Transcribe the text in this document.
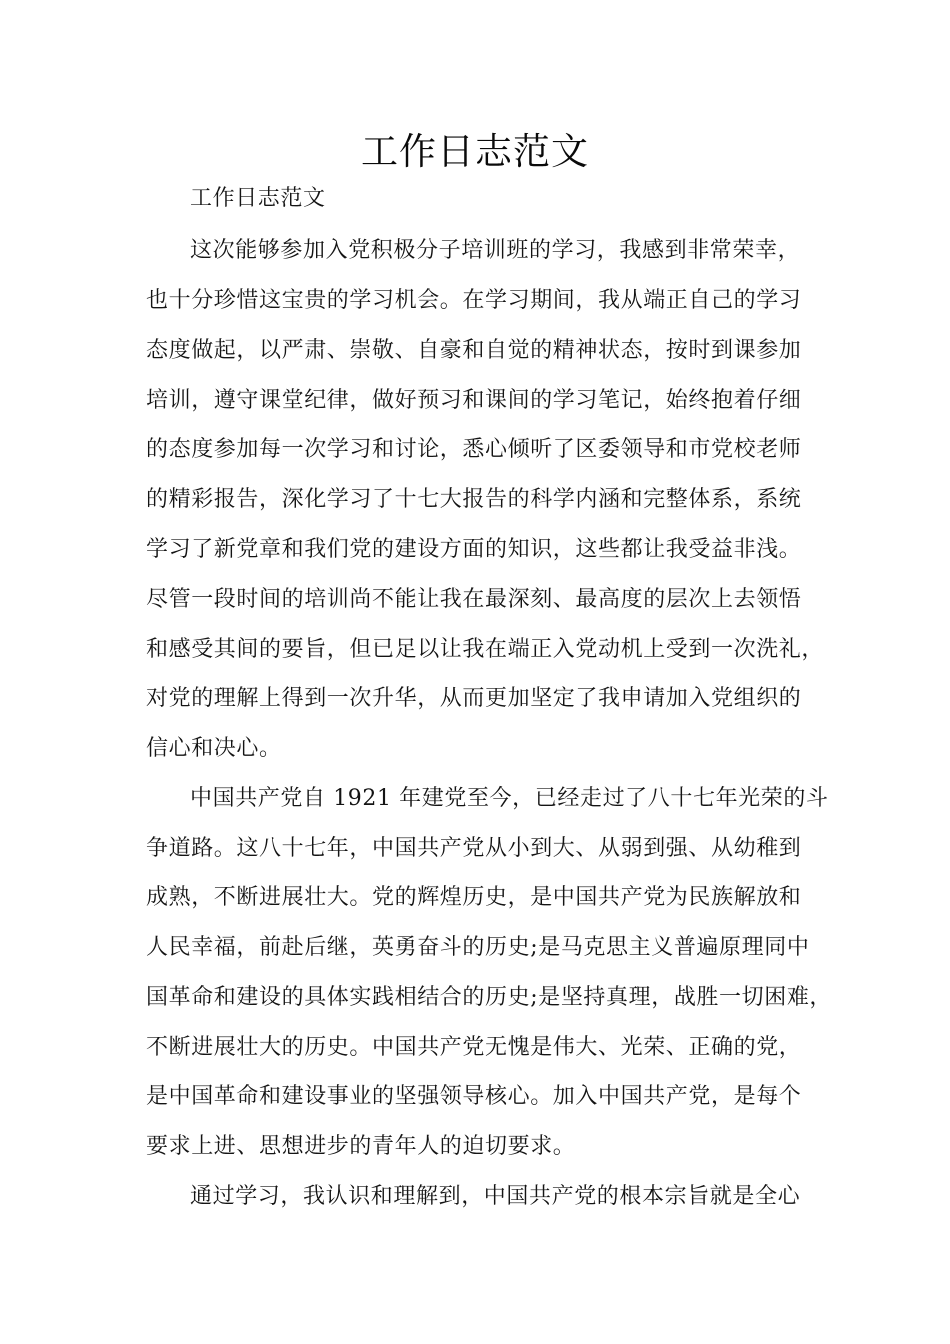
工作日志范文
工作日志范文
这次能够参加入党积极分子培训班的学习，我感到非常荣幸，
也十分珍惜这宝贵的学习机会。在学习期间，我从端正自己的学习
态度做起，以严肃、崇敬、自豪和自觉的精神状态，按时到课参加
培训，遵守课堂纪律，做好预习和课间的学习笔记，始终抱着仔细
的态度参加每一次学习和讨论，悉心倾听了区委领导和市党校老师
的精彩报告，深化学习了十七大报告的科学内涵和完整体系，系统
学习了新党章和我们党的建设方面的知识，这些都让我受益非浅。
尽管一段时间的培训尚不能让我在最深刻、最高度的层次上去领悟
和感受其间的要旨，但已足以让我在端正入党动机上受到一次洗礼，
对党的理解上得到一次升华，从而更加坚定了我申请加入党组织的
信心和决心。
中国共产党自 1921 年建党至今，已经走过了八十七年光荣的斗
争道路。这八十七年，中国共产党从小到大、从弱到强、从幼稚到
成熟，不断进展壮大。党的辉煌历史，是中国共产党为民族解放和
人民幸福，前赴后继，英勇奋斗的历史;是马克思主义普遍原理同中
国革命和建设的具体实践相结合的历史;是坚持真理，战胜一切困难，
不断进展壮大的历史。中国共产党无愧是伟大、光荣、正确的党，
是中国革命和建设事业的坚强领导核心。加入中国共产党，是每个
要求上进、思想进步的青年人的迫切要求。
通过学习，我认识和理解到，中国共产党的根本宗旨就是全心
